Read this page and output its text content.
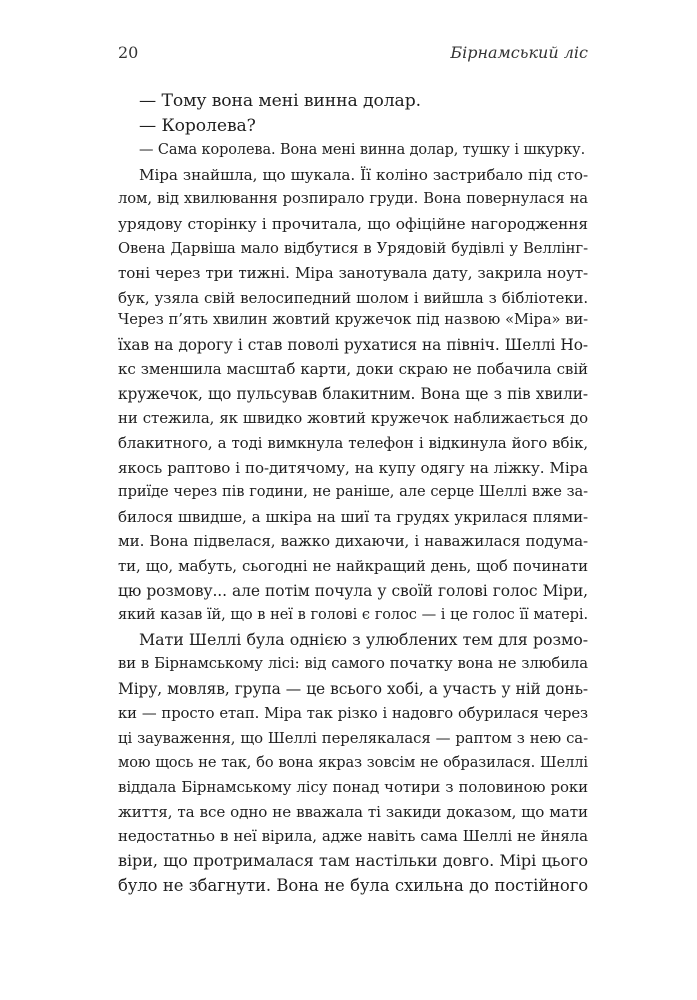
20	Бірнамський ліс
— Тому вона мені винна долар.
— Королева?
— Сама королева. Вона мені винна долар, тушку і шкурку.
Міра знайшла, що шукала. Її коліно застрибало під сто-
лом, від хвилювання розпирало груди. Вона повернулася на
урядову сторінку і прочитала, що офіційне нагородження
Овена Дарвіша мало відбутися в Урядовій будівлі у Веллінг-
тоні через три тижні. Міра занотувала дату, закрила ноут-
бук, узяла свій велосипедний шолом і вийшла з бібліотеки.
Через п’ять хвилин жовтий кружечок під назвою «Міра» ви-
їхав на дорогу і став поволі рухатися на північ. Шеллі Но-
кс зменшила масштаб карти, доки скраю не побачила свій
кружечок, що пульсував блакитним. Вона ще з пів хвили-
ни стежила, як швидко жовтий кружечок наближається до
блакитного, а тоді вимкнула телефон і відкинула його вбік,
якось раптово і по-дитячому, на купу одягу на ліжку. Міра
приїде через пів години, не раніше, але серце Шеллі вже за-
билося швидше, а шкіра на шиї та грудях укрилася плями-
ми. Вона підвелася, важко дихаючи, і наважилася подума-
ти, що, мабуть, сьогодні не найкращий день, щоб починати
цю розмову... але потім почула у своїй голові голос Міри,
який казав їй, що в неї в голові є голос — і це голос її матері.
Мати Шеллі була однією з улюблених тем для розмо-
ви в Бірнамському лісі: від самого початку вона не злюбила
Міру, мовляв, група — це всього хобі, а участь у ній донь-
ки — просто етап. Міра так різко і надовго обурилася через
ці зауваження, що Шеллі перелякалася — раптом з нею са-
мою щось не так, бо вона якраз зовсім не образилася. Шеллі
віддала Бірнамському лісу понад чотири з половиною роки
життя, та все одно не вважала ті закиди доказом, що мати
недостатньо в неї вірила, адже навіть сама Шеллі не йняла
віри, що протрималася там настільки довго. Мірі цього
було не збагнути. Вона не була схильна до постійного
